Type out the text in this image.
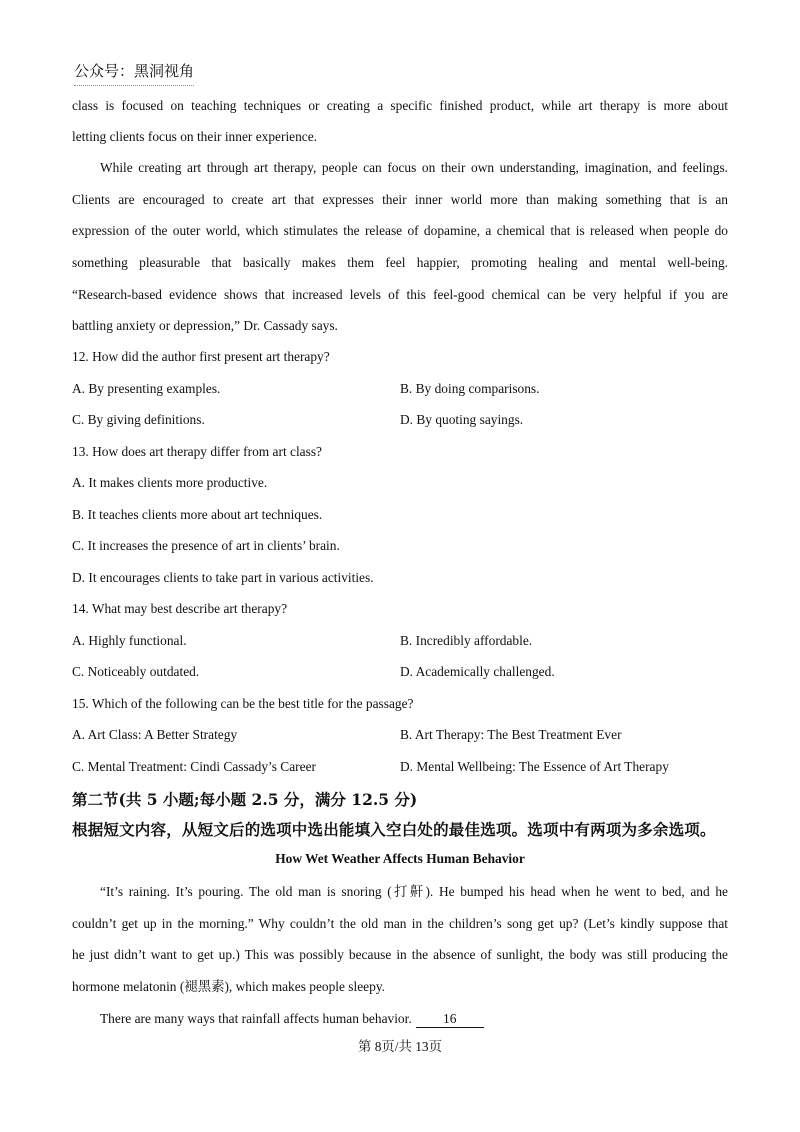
公众号：黑洞视角
class is focused on teaching techniques or creating a specific finished product, while art therapy is more about
letting clients focus on their inner experience.
While creating art through art therapy, people can focus on their own understanding, imagination, and feelings.
Clients are encouraged to create art that expresses their inner world more than making something that is an
expression of the outer world, which stimulates the release of dopamine, a chemical that is released when people do
something pleasurable that basically makes them feel happier, promoting healing and mental well-being.
“Research-based evidence shows that increased levels of this feel-good chemical can be very helpful if you are
battling anxiety or depression,” Dr. Cassady says.
12. How did the author first present art therapy?
A. By presenting examples.	B. By doing comparisons.
C. By giving definitions.	D. By quoting sayings.
13. How does art therapy differ from art class?
A. It makes clients more productive.
B. It teaches clients more about art techniques.
C. It increases the presence of art in clients’ brain.
D. It encourages clients to take part in various activities.
14. What may best describe art therapy?
A. Highly functional.	B. Incredibly affordable.
C. Noticeably outdated.	D. Academically challenged.
15. Which of the following can be the best title for the passage?
A. Art Class: A Better Strategy	B. Art Therapy: The Best Treatment Ever
C. Mental Treatment: Cindi Cassady’s Career	D. Mental Wellbeing: The Essence of Art Therapy
第二节(共 5 小题;每小题 2.5 分，满分 12.5 分)
根据短文内容，从短文后的选项中选出能填入空白处的最佳选项。选项中有两项为多余选项。
How Wet Weather Affects Human Behavior
“It’s raining. It’s pouring. The old man is snoring (打鼾). He bumped his head when he went to bed, and he
couldn’t get up in the morning.” Why couldn’t the old man in the children’s song get up? (Let’s kindly suppose that
he just didn’t want to get up.) This was possibly because in the absence of sunlight, the body was still producing the
hormone melatonin (褪黑素), which makes people sleepy.
There are many ways that rainfall affects human behavior. 16
第 8页/共 13页
